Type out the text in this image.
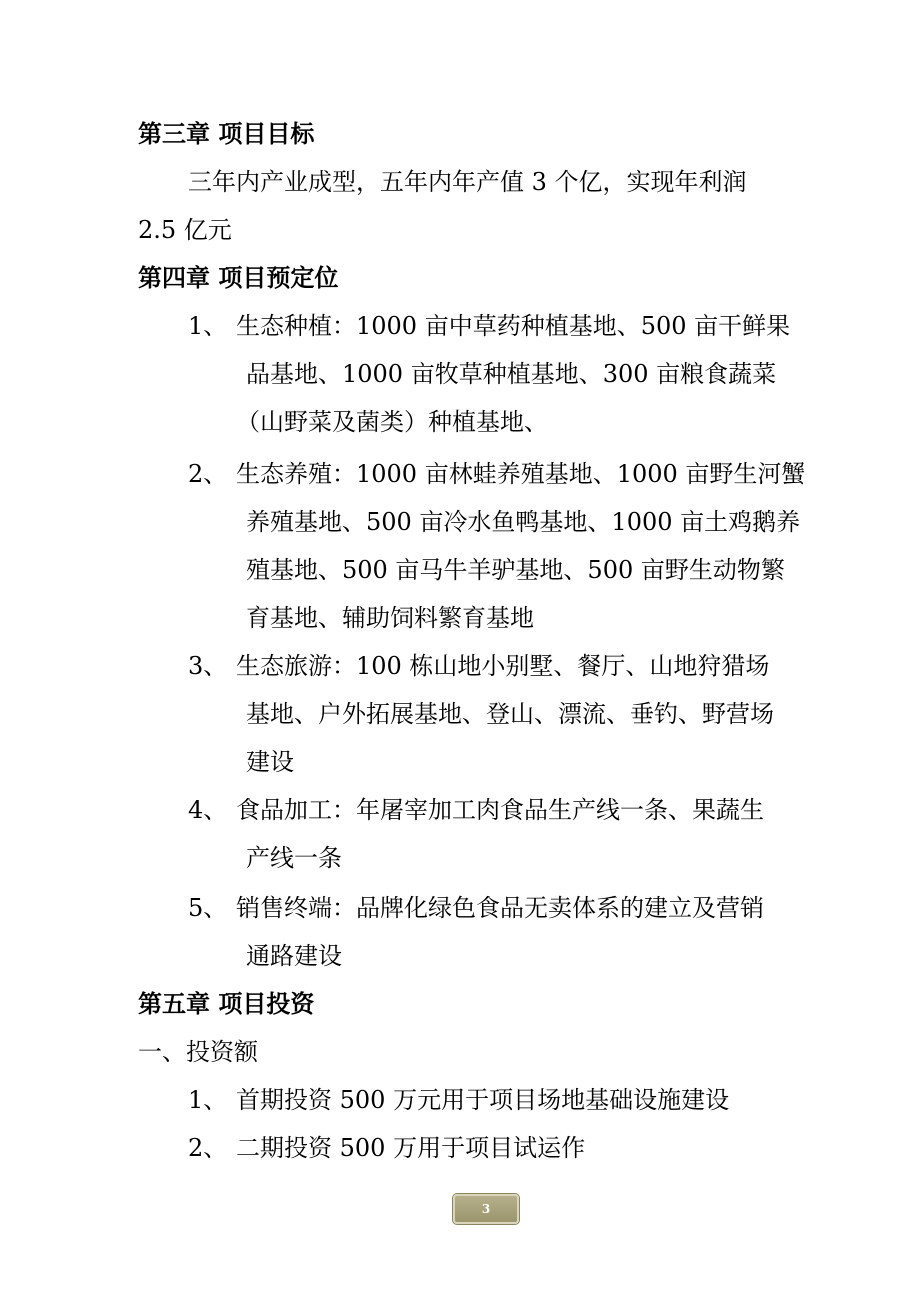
第三章 项目目标
三年内产业成型，五年内年产值 3 个亿，实现年利润
2.5 亿元
第四章 项目预定位
1、 生态种植：1000 亩中草药种植基地、500 亩干鲜果
品基地、1000 亩牧草种植基地、300 亩粮食蔬菜
（山野菜及菌类）种植基地、
2、 生态养殖：1000 亩林蛙养殖基地、1000 亩野生河蟹
养殖基地、500 亩冷水鱼鸭基地、1000 亩土鸡鹅养
殖基地、500 亩马牛羊驴基地、500 亩野生动物繁
育基地、辅助饲料繁育基地
3、 生态旅游：100 栋山地小别墅、餐厅、山地狩猎场
基地、户外拓展基地、登山、漂流、垂钓、野营场
建设
4、 食品加工：年屠宰加工肉食品生产线一条、果蔬生
产线一条
5、 销售终端：品牌化绿色食品无卖体系的建立及营销
通路建设
第五章 项目投资
一、投资额
1、 首期投资 500 万元用于项目场地基础设施建设
2、 二期投资 500 万用于项目试运作
3
